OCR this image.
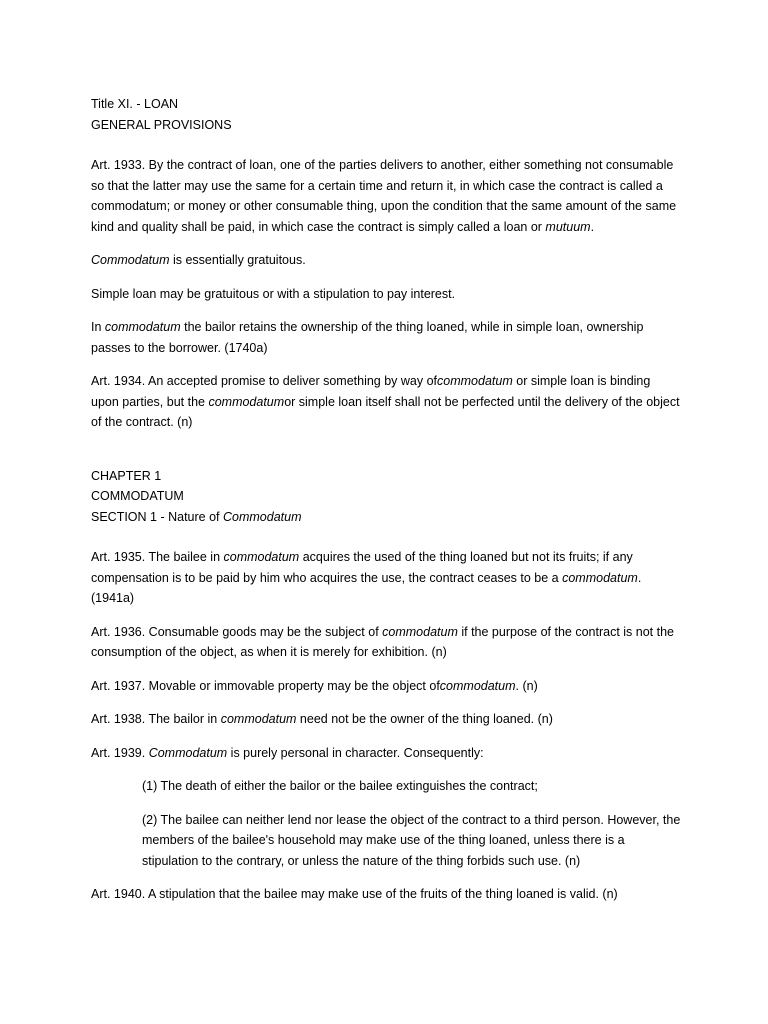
Title XI. - LOAN
GENERAL PROVISIONS

Art. 1933. By the contract of loan, one of the parties delivers to another, either something not consumable so that the latter may use the same for a certain time and return it, in which case the contract is called a commodatum; or money or other consumable thing, upon the condition that the same amount of the same kind and quality shall be paid, in which case the contract is simply called a loan or mutuum.

Commodatum is essentially gratuitous.

Simple loan may be gratuitous or with a stipulation to pay interest.

In commodatum the bailor retains the ownership of the thing loaned, while in simple loan, ownership passes to the borrower. (1740a)

Art. 1934. An accepted promise to deliver something by way ofcommodatum or simple loan is binding upon parties, but the commodatumor simple loan itself shall not be perfected until the delivery of the object of the contract. (n)

CHAPTER 1
COMMODATUM
SECTION 1 - Nature of Commodatum

Art. 1935. The bailee in commodatum acquires the used of the thing loaned but not its fruits; if any compensation is to be paid by him who acquires the use, the contract ceases to be a commodatum. (1941a)

Art. 1936. Consumable goods may be the subject of commodatum if the purpose of the contract is not the consumption of the object, as when it is merely for exhibition. (n)

Art. 1937. Movable or immovable property may be the object ofcommodatum. (n)

Art. 1938. The bailor in commodatum need not be the owner of the thing loaned. (n)

Art. 1939. Commodatum is purely personal in character. Consequently:

(1) The death of either the bailor or the bailee extinguishes the contract;

(2) The bailee can neither lend nor lease the object of the contract to a third person. However, the members of the bailee's household may make use of the thing loaned, unless there is a stipulation to the contrary, or unless the nature of the thing forbids such use. (n)

Art. 1940. A stipulation that the bailee may make use of the fruits of the thing loaned is valid. (n)
